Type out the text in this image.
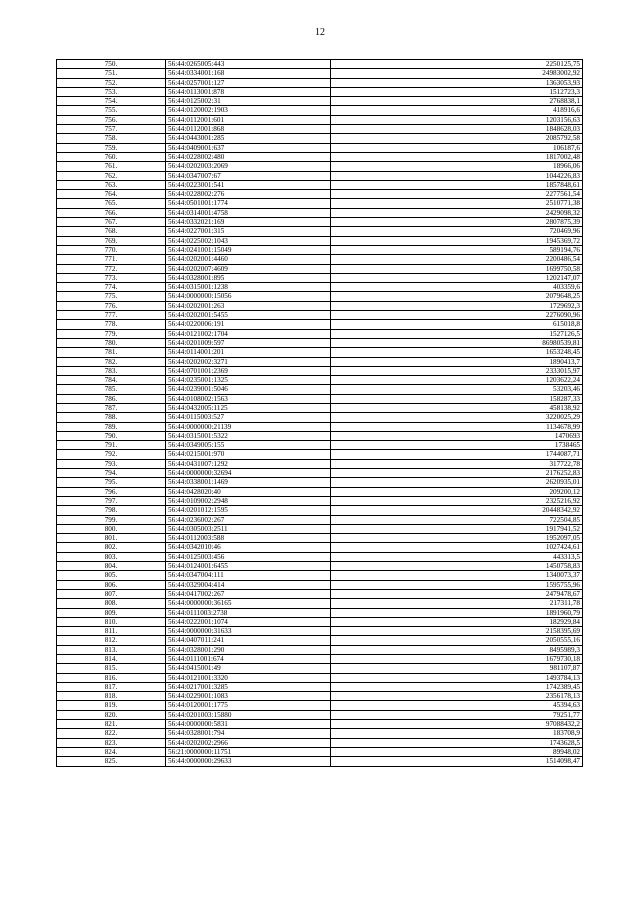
12
750.	56:44:0265005:443	2250125,75
751.	56:44:0334001:168	24983002,92
752.	56:44:0257001:127	1363053,93
753.	56:44:0113001:878	1512723,3
754.	56:44:0125002:31	2768838,1
755.	56:44:0120002:1903	418916,6
756.	56:44:0112001:601	1203156,63
757.	56:44:0112001:868	1848628,03
758.	56:44:0443001:285	2085792,58
759.	56:44:0409001:637	106187,6
760.	56:44:0228002:480	1817002,48
761.	56:44:0202003:2069	18966,06
762.	56:44:0347007:67	1044226,83
763.	56:44:0223001:541	1857848,61
764.	56:44:0228002:276	2277561,54
765.	56:44:0501001:1774	2510771,38
766.	56:44:0314001:4758	2429098,32
767.	56:44:0332021:169	2807875,39
768.	56:44:0227001:315	720469,96
769.	56:44:0225002:1043	1945369,72
770.	56:44:0241001:15049	589194,76
771.	56:44:0202001:4460	2200486,54
772.	56:44:0202007:4609	1699750,58
773.	56:44:0328001:895	1202147,07
774.	56:44:0315001:1238	403359,6
775.	56:44:0000000:15056	2079648,25
776.	56:44:0202001:263	1729692,3
777.	56:44:0202001:5455	2276090,96
778.	56:44:0220006:191	615018,8
779.	56:44:0121002:1704	1527126,5
780.	56:44:0201009:597	86980539,81
781.	56:44:0114001:201	1653248,45
782.	56:44:0202002:3271	1890413,7
783.	56:44:0701001:2369	2333015,97
784.	56:44:0235001:1325	1203622,24
785.	56:44:0239001:5046	53203,46
786.	56:44:0108002:1563	158287,33
787.	56:44:0432005:1125	458138,92
788.	56:44:0115003:527	3220025,29
789.	56:44:0000000:21139	1134678,99
790.	56:44:0315001:5322	1470693
791.	56:44:0349005:155	1738465
792.	56:44:0215001:970	1744087,71
793.	56:44:0431007:1292	317722,78
794.	56:44:0000000:32694	2176252,83
795.	56:44:0338001:1469	2620935,01
796.	56:44:0428020:40	209200,12
797.	56:44:0109002:2948	2325216,92
798.	56:44:0201012:1595	20448342,92
799.	56:44:0236002:267	722504,85
800.	56:44:0305003:2511	1917941,52
801.	56:44:0112003:588	1952097,05
802.	56:44:0342010:46	1027424,61
803.	56:44:0125003:456	443313,5
804.	56:44:0124001:6455	1450758,83
805.	56:44:0347004:111	1340073,37
806.	56:44:0329004:414	1595755,96
807.	56:44:0417002:267	2479478,67
808.	56:44:0000000:36165	217311,78
809.	56:44:0111003:2738	1891960,79
810.	56:44:0222001:1074	182929,84
811.	56:44:0000000:31633	2158395,69
812.	56:44:0407011:241	2050555,16
813.	56:44:0328001:290	8495989,3
814.	56:44:0111001:674	1679730,18
815.	56:44:0415001:49	981107,87
816.	56:44:0121001:3320	1493784,13
817.	56:44:0217001:3285	1742389,45
818.	56:44:0229001:1083	2356178,13
819.	56:44:0120001:1775	45394,63
820.	56:44:0201003:15880	79251,77
821.	56:44:0000000:5831	97088432,2
822.	56:44:0328001:794	183708,9
823.	56:44:0202002:2966	1743628,5
824.	56:21:0000000:11751	89948,02
825.	56:44:0000000:29633	1514098,47
